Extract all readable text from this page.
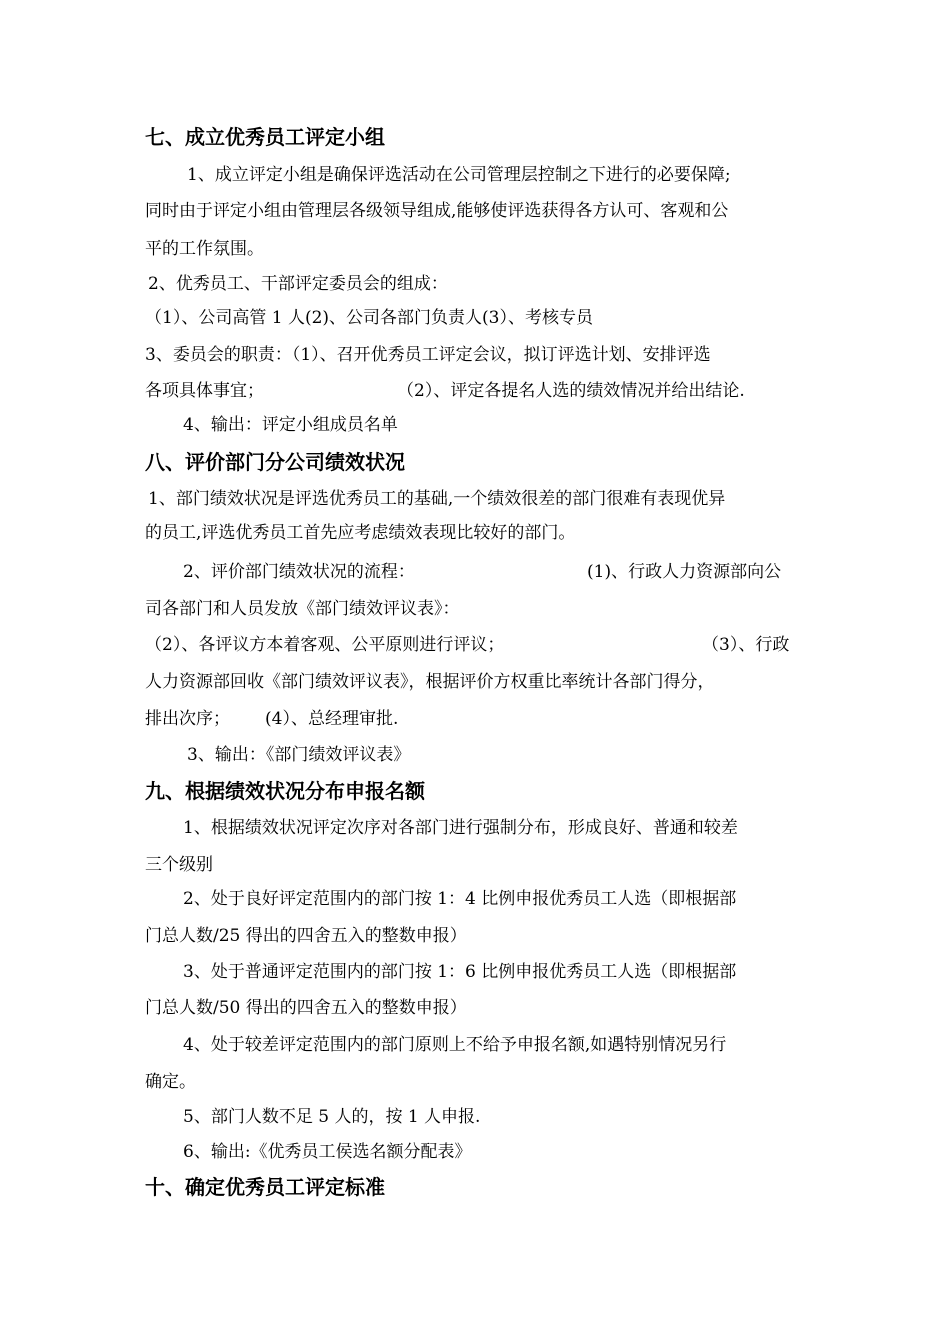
七、成立优秀员工评定小组
1、成立评定小组是确保评选活动在公司管理层控制之下进行的必要保障;
同时由于评定小组由管理层各级领导组成,能够使评选获得各方认可、客观和公
平的工作氛围。
2、优秀员工、干部评定委员会的组成：
（1）、公司高管 1 人(2)、公司各部门负责人(3）、考核专员
3、委员会的职责：（1）、召开优秀员工评定会议，拟订评选计划、安排评选
各项具体事宜；	（2）、评定各提名人选的绩效情况并给出结论.
4、输出：评定小组成员名单
八、评价部门分公司绩效状况
1、部门绩效状况是评选优秀员工的基础,一个绩效很差的部门很难有表现优异
的员工,评选优秀员工首先应考虑绩效表现比较好的部门。
2、评价部门绩效状况的流程：	(1)、行政人力资源部向公
司各部门和人员发放《部门绩效评议表》：
（2）、各评议方本着客观、公平原则进行评议；	（3）、行政
人力资源部回收《部门绩效评议表》，根据评价方权重比率统计各部门得分，
排出次序； (4）、总经理审批.
3、输出：《部门绩效评议表》
九、根据绩效状况分布申报名额
1、根据绩效状况评定次序对各部门进行强制分布，形成良好、普通和较差
三个级别
2、处于良好评定范围内的部门按 1：4 比例申报优秀员工人选（即根据部
门总人数/25 得出的四舍五入的整数申报）
3、处于普通评定范围内的部门按 1：6 比例申报优秀员工人选（即根据部
门总人数/50 得出的四舍五入的整数申报）
4、处于较差评定范围内的部门原则上不给予申报名额,如遇特别情况另行
确定。
5、部门人数不足 5 人的，按 1 人申报.
6、输出:《优秀员工侯选名额分配表》
十、确定优秀员工评定标准
